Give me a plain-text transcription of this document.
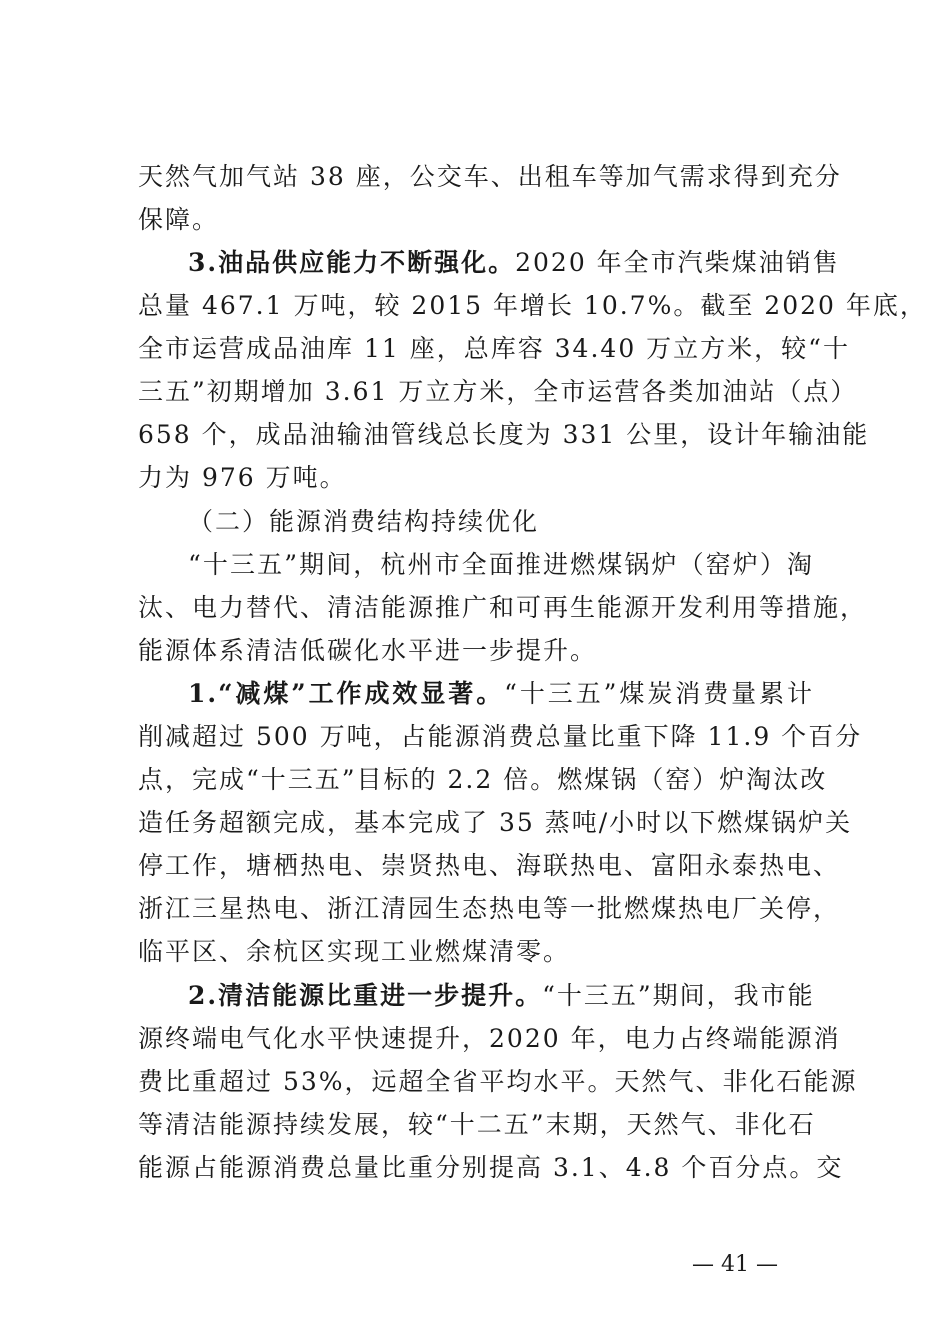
天然气加气站 38 座，公交车、出租车等加气需求得到充分
保障。
3.油品供应能力不断强化。2020 年全市汽柴煤油销售
总量 467.1 万吨，较 2015 年增长 10.7%。截至 2020 年底，
全市运营成品油库 11 座，总库容 34.40 万立方米，较“十
三五”初期增加 3.61 万立方米，全市运营各类加油站（点）
658 个，成品油输油管线总长度为 331 公里，设计年输油能
力为 976 万吨。
（二）能源消费结构持续优化
“十三五”期间，杭州市全面推进燃煤锅炉（窑炉）淘
汰、电力替代、清洁能源推广和可再生能源开发利用等措施，
能源体系清洁低碳化水平进一步提升。
1.“减煤”工作成效显著。“十三五”煤炭消费量累计
削减超过 500 万吨，占能源消费总量比重下降 11.9 个百分
点，完成“十三五”目标的 2.2 倍。燃煤锅（窑）炉淘汰改
造任务超额完成，基本完成了 35 蒸吨/小时以下燃煤锅炉关
停工作，塘栖热电、崇贤热电、海联热电、富阳永泰热电、
浙江三星热电、浙江清园生态热电等一批燃煤热电厂关停，
临平区、余杭区实现工业燃煤清零。
2.清洁能源比重进一步提升。“十三五”期间，我市能
源终端电气化水平快速提升，2020 年，电力占终端能源消
费比重超过 53%，远超全省平均水平。天然气、非化石能源
等清洁能源持续发展，较“十二五”末期，天然气、非化石
能源占能源消费总量比重分别提高 3.1、4.8 个百分点。交
— 41 —
